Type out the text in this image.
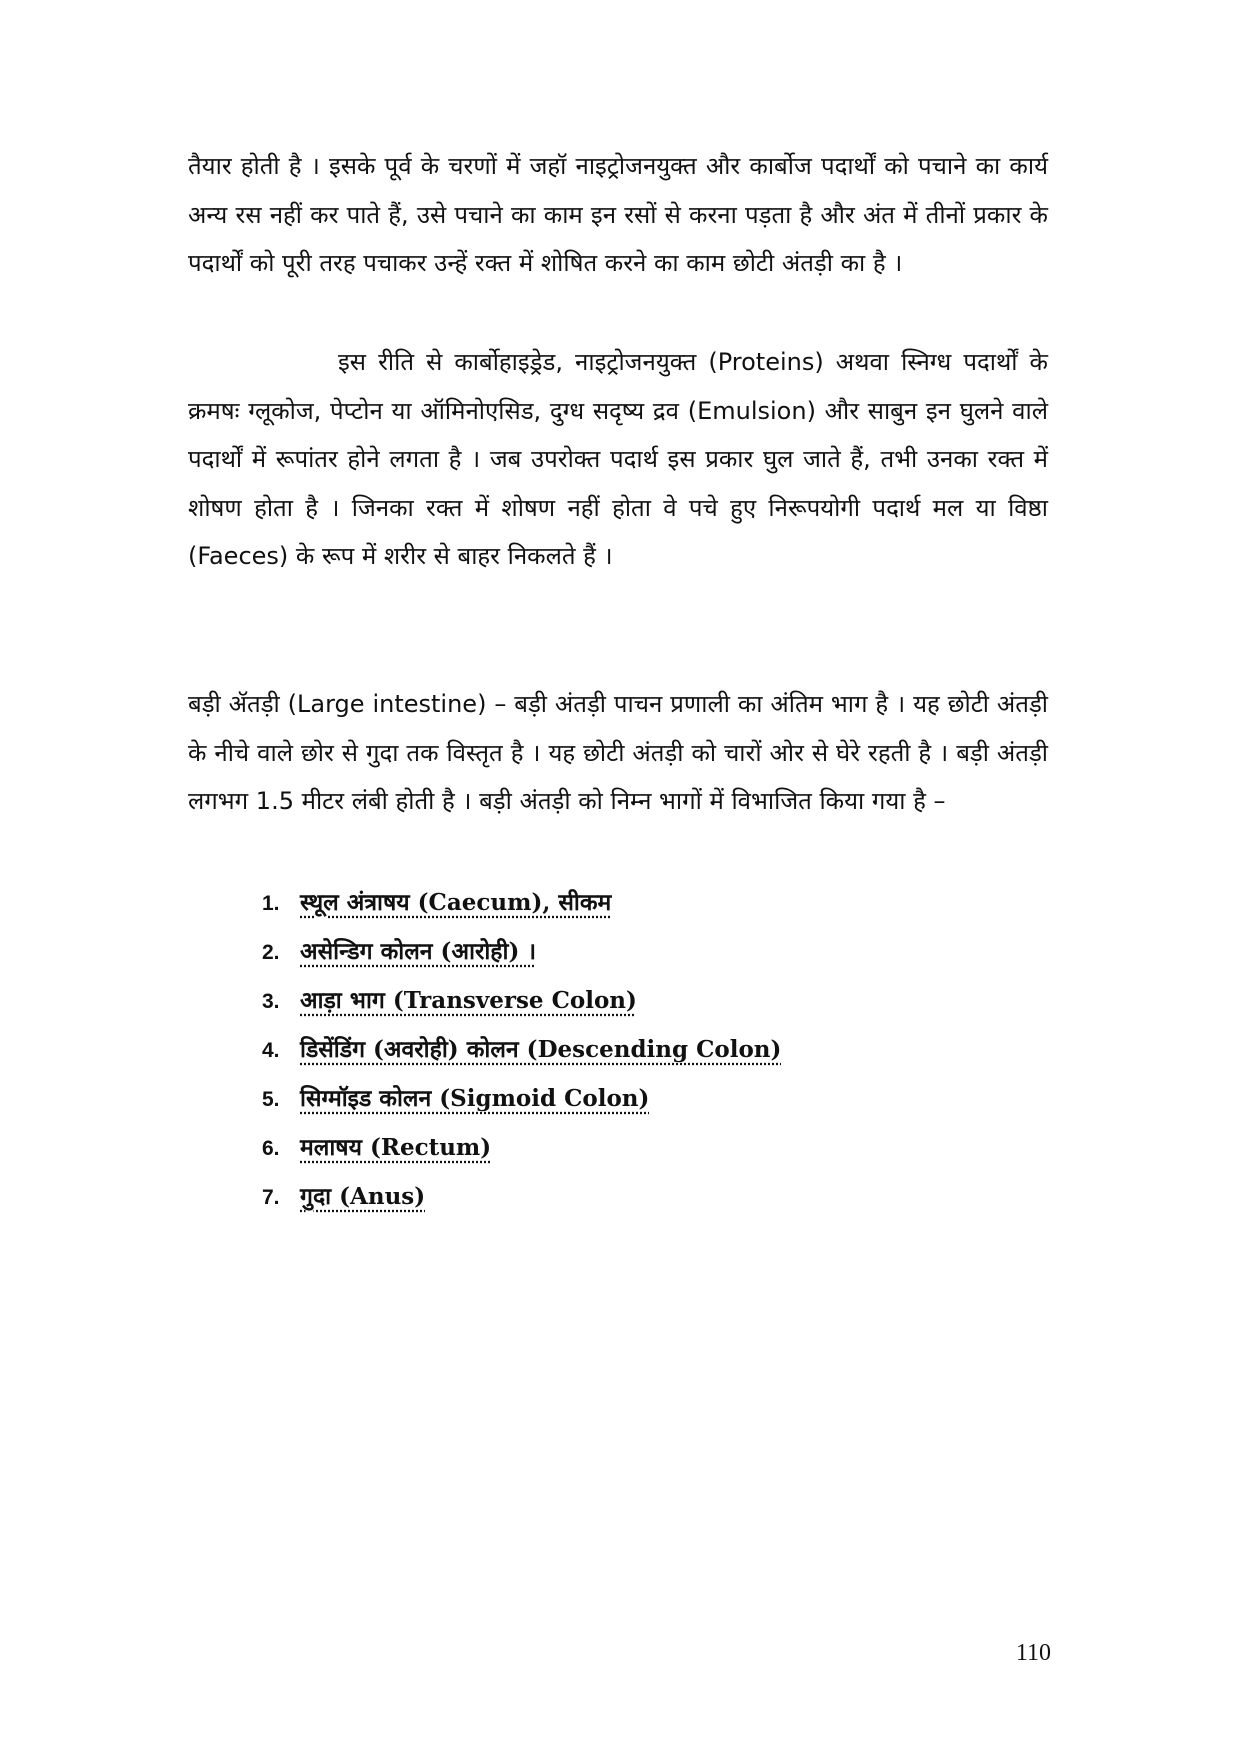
तैयार होती है । इसके पूर्व के चरणों में जहॉ नाइट्रोजनयुक्त और कार्बोज पदार्थों को पचाने का कार्य अन्य रस नहीं कर पाते हैं, उसे पचाने का काम इन रसों से करना पड़ता है और अंत में तीनों प्रकार के पदार्थों को पूरी तरह पचाकर उन्हें रक्त में शोषित करने का काम छोटी अंतड़ी का है ।

इस रीति से कार्बोहाइड्रेड, नाइट्रोजनयुक्त (Proteins) अथवा स्निग्ध पदार्थों के क्रमषः ग्लूकोज, पेप्टोन या ऑमिनोएसिड, दुग्ध सदृष्य द्रव (Emulsion) और साबुन इन घुलने वाले पदार्थों में रूपांतर होने लगता है । जब उपरोक्त पदार्थ इस प्रकार घुल जाते हैं, तभी उनका रक्त में शोषण होता है । जिनका रक्त में शोषण नहीं होता वे पचे हुए निरूपयोगी पदार्थ मल या विष्ठा (Faeces) के रूप में शरीर से बाहर निकलते हैं ।

बड़ी ॲतड़ी (Large intestine) – बड़ी अंतड़ी पाचन प्रणाली का अंतिम भाग है । यह छोटी अंतड़ी के नीचे वाले छोर से गुदा तक विस्तृत है । यह छोटी अंतड़ी को चारों ओर से घेरे रहती है । बड़ी अंतड़ी लगभग 1.5 मीटर लंबी होती है । बड़ी अंतड़ी को निम्न भागों में विभाजित किया गया है –

1. स्थूल अंत्राषय (Caecum), सीकम
2. असेन्डिग कोलन (आरोही) ।
3. आड़ा भाग (Transverse Colon)
4. डिसेंडिंग (अवरोही) कोलन (Descending Colon)
5. सिग्मॉइड कोलन (Sigmoid Colon)
6. मलाषय (Rectum)
7. गुदा (Anus)

110
